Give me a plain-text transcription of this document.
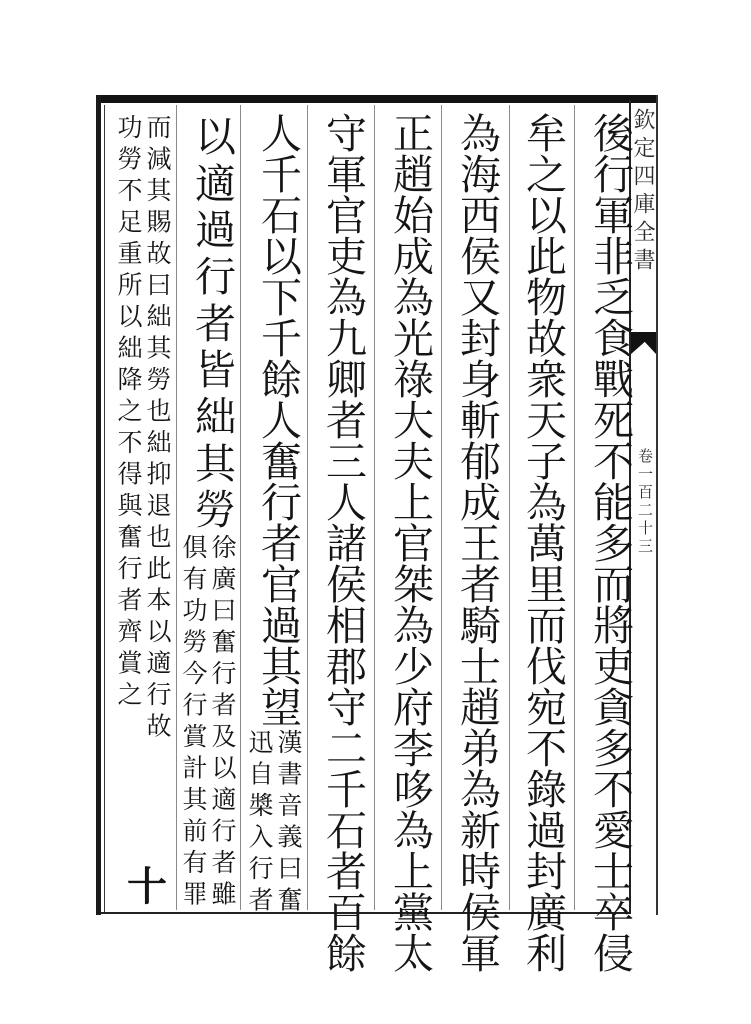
欽定四庫全書
卷一百二十三
後
行
軍
非
乏
食
戰
死
不
能
多
而
將
吏
貪
多
不
愛
士
卒
侵
牟
之
以
此
物
故
衆
天
子
為
萬
里
而
伐
宛
不
錄
過
封
廣
利
為
海
西
侯
又
封
身
斬
郁
成
王
者
騎
士
趙
弟
為
新
時
侯
軍
正
趙
始
成
為
光
祿
大
夫
上
官
桀
為
少
府
李
哆
為
上
黨
太
守
軍
官
吏
為
九
卿
者
三
人
諸
侯
相
郡
守
二
千
石
者
百
餘
人
千
石
以
下
千
餘
人
奮
行
者
官
過
其
望
漢書音義曰奮
迅自槳入行者
以
適
過
行
者
皆
絀
其
勞
徐廣曰奮行者及以適行者雖
俱有功勞今行賞計其前有罪
而減其賜故曰絀其勞也絀抑退也此本以適行故
功勞不足重所以絀降之不得與奮行者齊賞之
十
